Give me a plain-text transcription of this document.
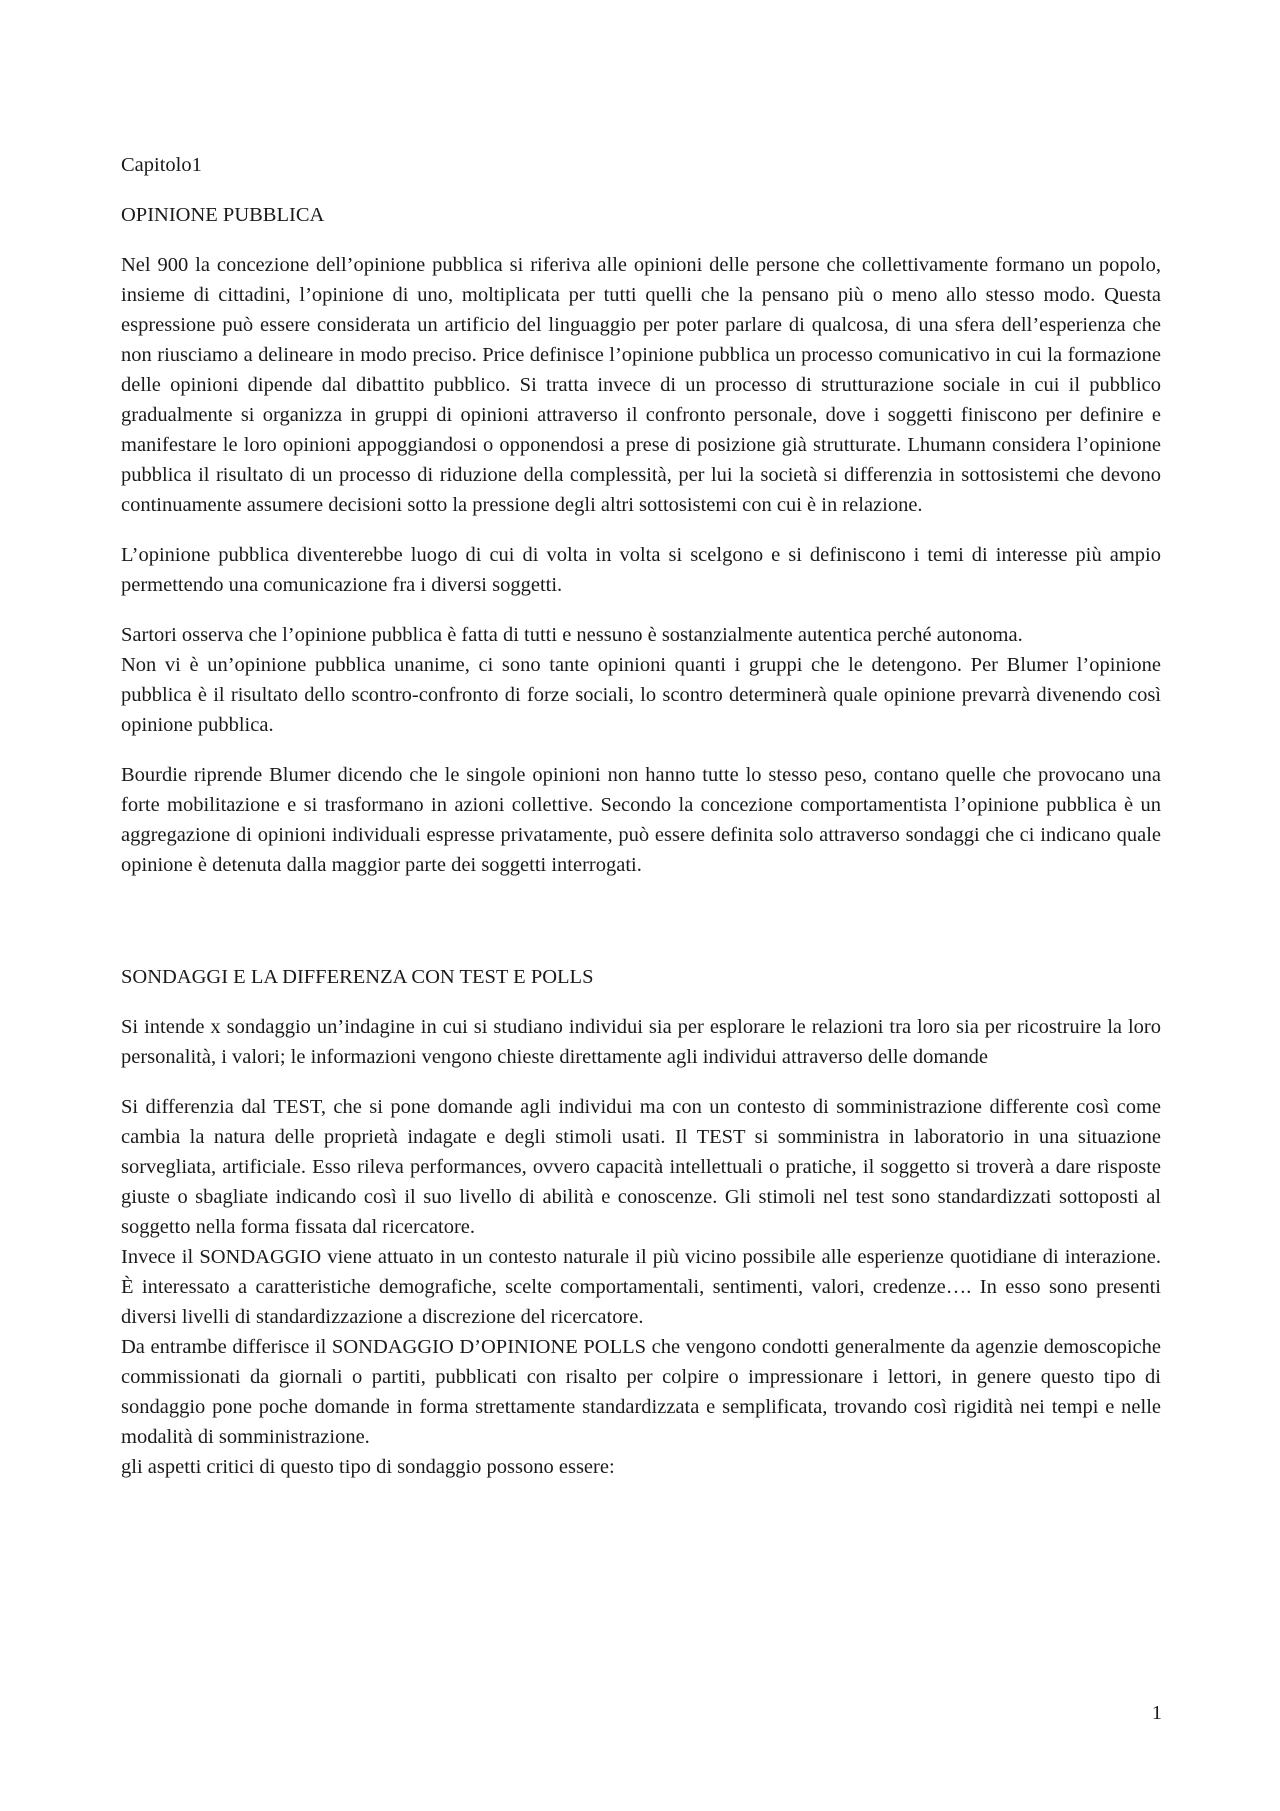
Capitolo1

OPINIONE PUBBLICA

Nel 900 la concezione dell’opinione pubblica si riferiva alle opinioni delle persone che collettivamente formano un popolo, insieme di cittadini, l’opinione di uno, moltiplicata per tutti quelli che la pensano più o meno allo stesso modo. Questa espressione può essere considerata un artificio del linguaggio per poter parlare di qualcosa, di una sfera dell’esperienza che non riusciamo a delineare in modo preciso. Price definisce l’opinione pubblica un processo comunicativo in cui la formazione delle opinioni dipende dal dibattito pubblico. Si tratta invece di un processo di strutturazione sociale in cui il pubblico gradualmente si organizza in gruppi di opinioni attraverso il confronto personale, dove i soggetti finiscono per definire e manifestare le loro opinioni appoggiandosi o opponendosi a prese di posizione già strutturate. Lhumann considera l’opinione pubblica il risultato di un processo di riduzione della complessità, per lui la società si differenzia in sottosistemi che devono continuamente assumere decisioni sotto la pressione degli altri sottosistemi con cui è in relazione.

L’opinione pubblica diventerebbe luogo di cui di volta in volta si scelgono e si definiscono i temi di interesse più ampio permettendo una comunicazione fra i diversi soggetti.

Sartori osserva che l’opinione pubblica è fatta di tutti e nessuno è sostanzialmente autentica perché autonoma.

Non vi è un’opinione pubblica unanime, ci sono tante opinioni quanti i gruppi che le detengono. Per Blumer l’opinione pubblica è il risultato dello scontro-confronto di forze sociali, lo scontro determinerà quale opinione prevarrà divenendo così opinione pubblica.

Bourdie riprende Blumer dicendo che le singole opinioni non hanno tutte lo stesso peso, contano quelle che provocano una forte mobilitazione e si trasformano in azioni collettive. Secondo la concezione comportamentista l’opinione pubblica è un aggregazione di opinioni individuali espresse privatamente, può essere definita solo attraverso sondaggi che ci indicano quale opinione è detenuta dalla maggior parte dei soggetti interrogati.

SONDAGGI E LA DIFFERENZA CON TEST E POLLS

Si intende x sondaggio un’indagine in cui si studiano individui sia per esplorare le relazioni tra loro sia per ricostruire la loro personalità, i valori; le informazioni vengono chieste direttamente agli individui attraverso delle domande

Si differenzia dal TEST, che si pone domande agli individui ma con un contesto di somministrazione differente così come cambia la natura delle proprietà indagate e degli stimoli usati. Il TEST si somministra in laboratorio in una situazione sorvegliata, artificiale. Esso rileva performances, ovvero capacità intellettuali o pratiche, il soggetto si troverà a dare risposte giuste o sbagliate indicando così il suo livello di abilità e conoscenze. Gli stimoli nel test sono standardizzati sottoposti al soggetto nella forma fissata dal ricercatore.

Invece il SONDAGGIO viene attuato in un contesto naturale il più vicino possibile alle esperienze quotidiane di interazione. È interessato a caratteristiche demografiche, scelte comportamentali, sentimenti, valori, credenze…. In esso sono presenti diversi livelli di standardizzazione a discrezione del ricercatore.

Da entrambe differisce il SONDAGGIO D’OPINIONE POLLS che vengono condotti generalmente da agenzie demoscopiche commissionati da giornali o partiti, pubblicati con risalto per colpire o impressionare i lettori, in genere questo tipo di sondaggio pone poche domande in forma strettamente standardizzata e semplificata, trovando così rigidità nei tempi e nelle modalità di somministrazione.

gli aspetti critici di questo tipo di sondaggio possono essere:

1
